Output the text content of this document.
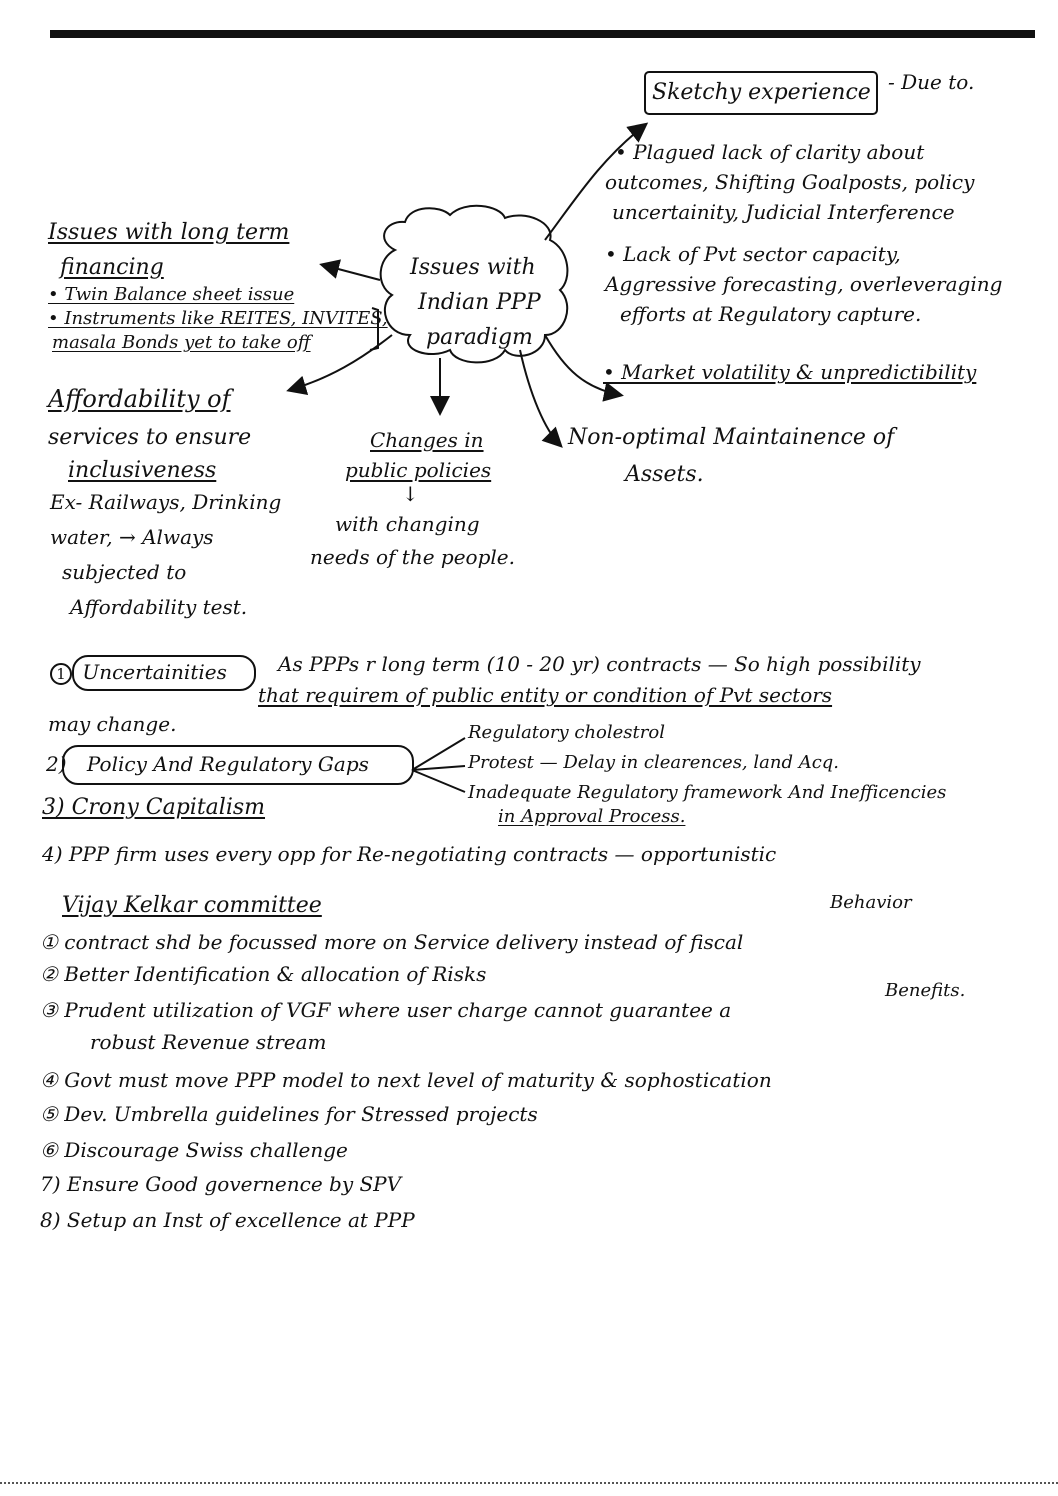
Issues with
Indian PPP
paradigm
Sketchy experience - Due to.
• Plagued lack of clarity about
outcomes, Shifting Goalposts, policy
uncertainity, Judicial Interference
• Lack of Pvt sector capacity,
Aggressive forecasting, overleveraging
efforts at Regulatory capture.
• Market volatility & unpredictibility
Non-optimal Maintainence of
Assets.
Issues with long term
financing
• Twin Balance sheet issue
• Instruments like REITES, INVITES,
masala Bonds yet to take off
Affordability of
services to ensure
inclusiveness
Ex- Railways, Drinking
water, → Always
subjected to
Affordability test.
Changes in
public policies
↓
with changing
needs of the people.
1 Uncertainities	As PPPs r long term (10 - 20 yr) contracts — So high possibility
that requirem of public entity or condition of Pvt sectors
may change.
2) Policy And Regulatory Gaps
Regulatory cholestrol
Protest — Delay in clearences, land Acq.
Inadequate Regulatory framework And Inefficencies
in Approval Process.
3) Crony Capitalism
4) PPP firm uses every opp for Re-negotiating contracts — opportunistic
Behavior
Vijay Kelkar committee
① contract shd be focussed more on Service delivery instead of fiscal
Benefits.
② Better Identification & allocation of Risks
③ Prudent utilization of VGF where user charge cannot guarantee a
robust Revenue stream
④ Govt must move PPP model to next level of maturity & sophostication
⑤ Dev. Umbrella guidelines for Stressed projects
⑥ Discourage Swiss challenge
7) Ensure Good governence by SPV
8) Setup an Inst of excellence at PPP
